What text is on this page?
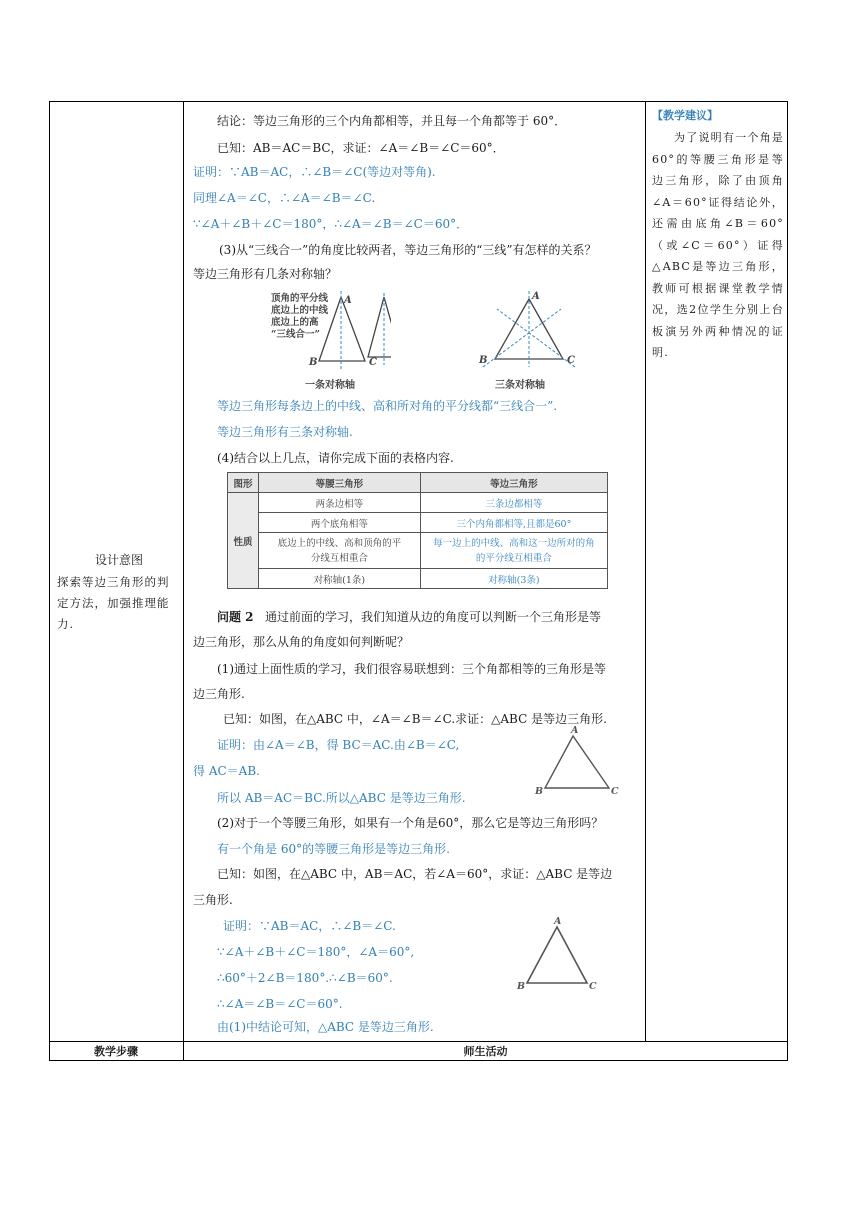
设计意图
探索等边三角形的判定方法，加强推理能力.
结论：等边三角形的三个内角都相等，并且每一个角都等于 60°．
已知：AB＝AC＝BC，求证：∠A＝∠B＝∠C＝60°．
证明：∵AB＝AC，∴∠B＝∠C(等边对等角).
同理∠A＝∠C，∴∠A＝∠B＝∠C.
∵∠A＋∠B＋∠C＝180°，∴∠A＝∠B＝∠C＝60°．
(3)从“三线合一”的角度比较两者，等边三角形的“三线”有怎样的关系？
等边三角形有几条对称轴？
顶角的平分线
底边上的中线
底边上的高
“三线合一”
A
B	C
一条对称轴
A
B	C
三条对称轴
等边三角形每条边上的中线、高和所对角的平分线都“三线合一”.
等边三角形有三条对称轴.
(4)结合以上几点，请你完成下面的表格内容.
图形	等腰三角形	等边三角形
性质	两条边相等	三条边都相等
	两个底角相等	三个内角都相等,且都是60°
	底边上的中线、高和顶角的平分线互相重合	每一边上的中线、高和这一边所对的角的平分线互相重合
	对称轴(1条)	对称轴(3条)
问题 2 通过前面的学习，我们知道从边的角度可以判断一个三角形是等
边三角形，那么从角的角度如何判断呢？
(1)通过上面性质的学习，我们很容易联想到：三个角都相等的三角形是等
边三角形.
已知：如图，在△ABC 中，∠A＝∠B＝∠C.求证：△ABC 是等边三角形.
证明：由∠A＝∠B，得 BC＝AC.由∠B＝∠C,
得 AC＝AB.
所以 AB＝AC＝BC.所以△ABC 是等边三角形.
A
B	C
(2)对于一个等腰三角形，如果有一个角是60°，那么它是等边三角形吗？
有一个角是 60°的等腰三角形是等边三角形.
已知：如图，在△ABC 中，AB＝AC，若∠A＝60°，求证：△ABC 是等边
三角形.
证明：∵AB＝AC，∴∠B＝∠C.
∵∠A＋∠B＋∠C＝180°，∠A＝60°,
∴60°＋2∠B＝180°.∴∠B＝60°.
∴∠A＝∠B＝∠C＝60°.
由(1)中结论可知，△ABC 是等边三角形.
A
B	C
【教学建议】
为了说明有一个角是60°的等腰三角形是等边三角形，除了由顶角∠A＝60°证得结论外，还需由底角∠B＝60°（或∠C＝60°）证得△ABC是等边三角形，教师可根据课堂教学情况，选2位学生分别上台板演另外两种情况的证明.
教学步骤	师生活动
